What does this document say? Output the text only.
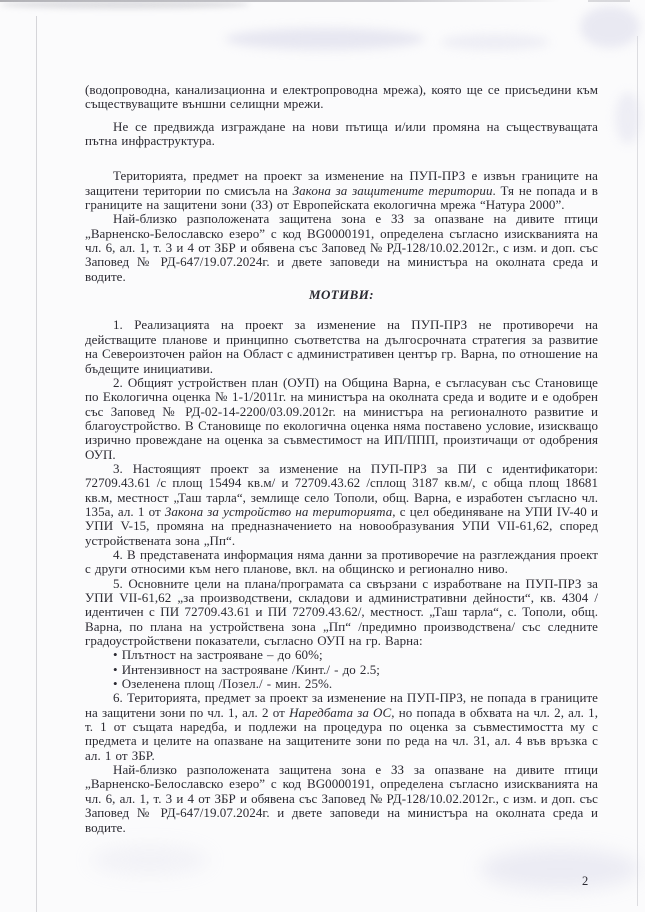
(водопроводна, канализационна и електропроводна мрежа), която ще се присъедини към съществуващите външни селищни мрежи.

Не се предвижда изграждане на нови пътища и/или промяна на съществуващата пътна инфраструктура.

Територията, предмет на проект за изменение на ПУП-ПРЗ е извън границите на защитени територии по смисъла на Закона за защитените територии. Тя не попада и в границите на защитени зони (ЗЗ) от Европейската екологична мрежа “Натура 2000”.

Най-близко разположената защитена зона е ЗЗ за опазване на дивите птици „Варненско-Белославско езеро” с код BG0000191, определена съгласно изискванията на чл. 6, ал. 1, т. 3 и 4 от ЗБР и обявена със Заповед № РД-128/10.02.2012г., с изм. и доп. със Заповед № РД-647/19.07.2024г. и двете заповеди на министъра на околната среда и водите.

МОТИВИ:

1. Реализацията на проект за изменение на ПУП-ПРЗ не противоречи на действащите планове и принципно съответства на дългосрочната стратегия за развитие на Североизточен район на Област с административен център гр. Варна, по отношение на бъдещите инициативи.

2. Общият устройствен план (ОУП) на Община Варна, е съгласуван със Становище по Екологична оценка № 1-1/2011г. на министъра на околната среда и водите и е одобрен със Заповед № РД-02-14-2200/03.09.2012г. на министъра на регионалното развитие и благоустройство. В Становище по екологична оценка няма поставено условие, изискващо изрично провеждане на оценка за съвместимост на ИП/ППП, произтичащи от одобрения ОУП.

3. Настоящият проект за изменение на ПУП-ПРЗ за ПИ с идентификатори: 72709.43.61 /с площ 15494 кв.м/ и 72709.43.62 /сплощ 3187 кв.м/, с обща площ 18681 кв.м, местност „Таш тарла“, землище село Тополи, общ. Варна, е изработен съгласно чл. 135а, ал. 1 от Закона за устройство на територията, с цел обединяване на УПИ IV-40 и УПИ V-15, промяна на предназначението на новообразувания УПИ VII-61,62, според устройствената зона „Пп“.

4. В представената информация няма данни за противоречие на разглеждания проект с други относими към него планове, вкл. на общинско и регионално ниво.

5. Основните цели на плана/програмата са свързани с изработване на ПУП-ПРЗ за УПИ VII-61,62 „за производствени, складови и административни дейности“, кв. 4304 /идентичен с ПИ 72709.43.61 и ПИ 72709.43.62/, местност. „Таш тарла“, с. Тополи, общ. Варна, по плана на устройствена зона „Пп“ /предимно производствена/ със следните градоустройствени показатели, съгласно ОУП на гр. Варна:

• Плътност на застрояване – до 60%;

• Интензивност на застрояване /Кинт./ - до 2.5;

• Озеленена площ /Позел./ - мин. 25%.

6. Територията, предмет за проект за изменение на ПУП-ПРЗ, не попада в границите на защитени зони по чл. 1, ал. 2 от Наредбата за ОС, но попада в обхвата на чл. 2, ал. 1, т. 1 от същата наредба, и подлежи на процедура по оценка за съвместимостта му с предмета и целите на опазване на защитените зони по реда на чл. 31, ал. 4 във връзка с ал. 1 от ЗБР.

Най-близко разположената защитена зона е ЗЗ за опазване на дивите птици „Варненско-Белославско езеро” с код BG0000191, определена съгласно изискванията на чл. 6, ал. 1, т. 3 и 4 от ЗБР и обявена със Заповед № РД-128/10.02.2012г., с изм. и доп. със Заповед № РД-647/19.07.2024г. и двете заповеди на министъра на околната среда и водите.

2
